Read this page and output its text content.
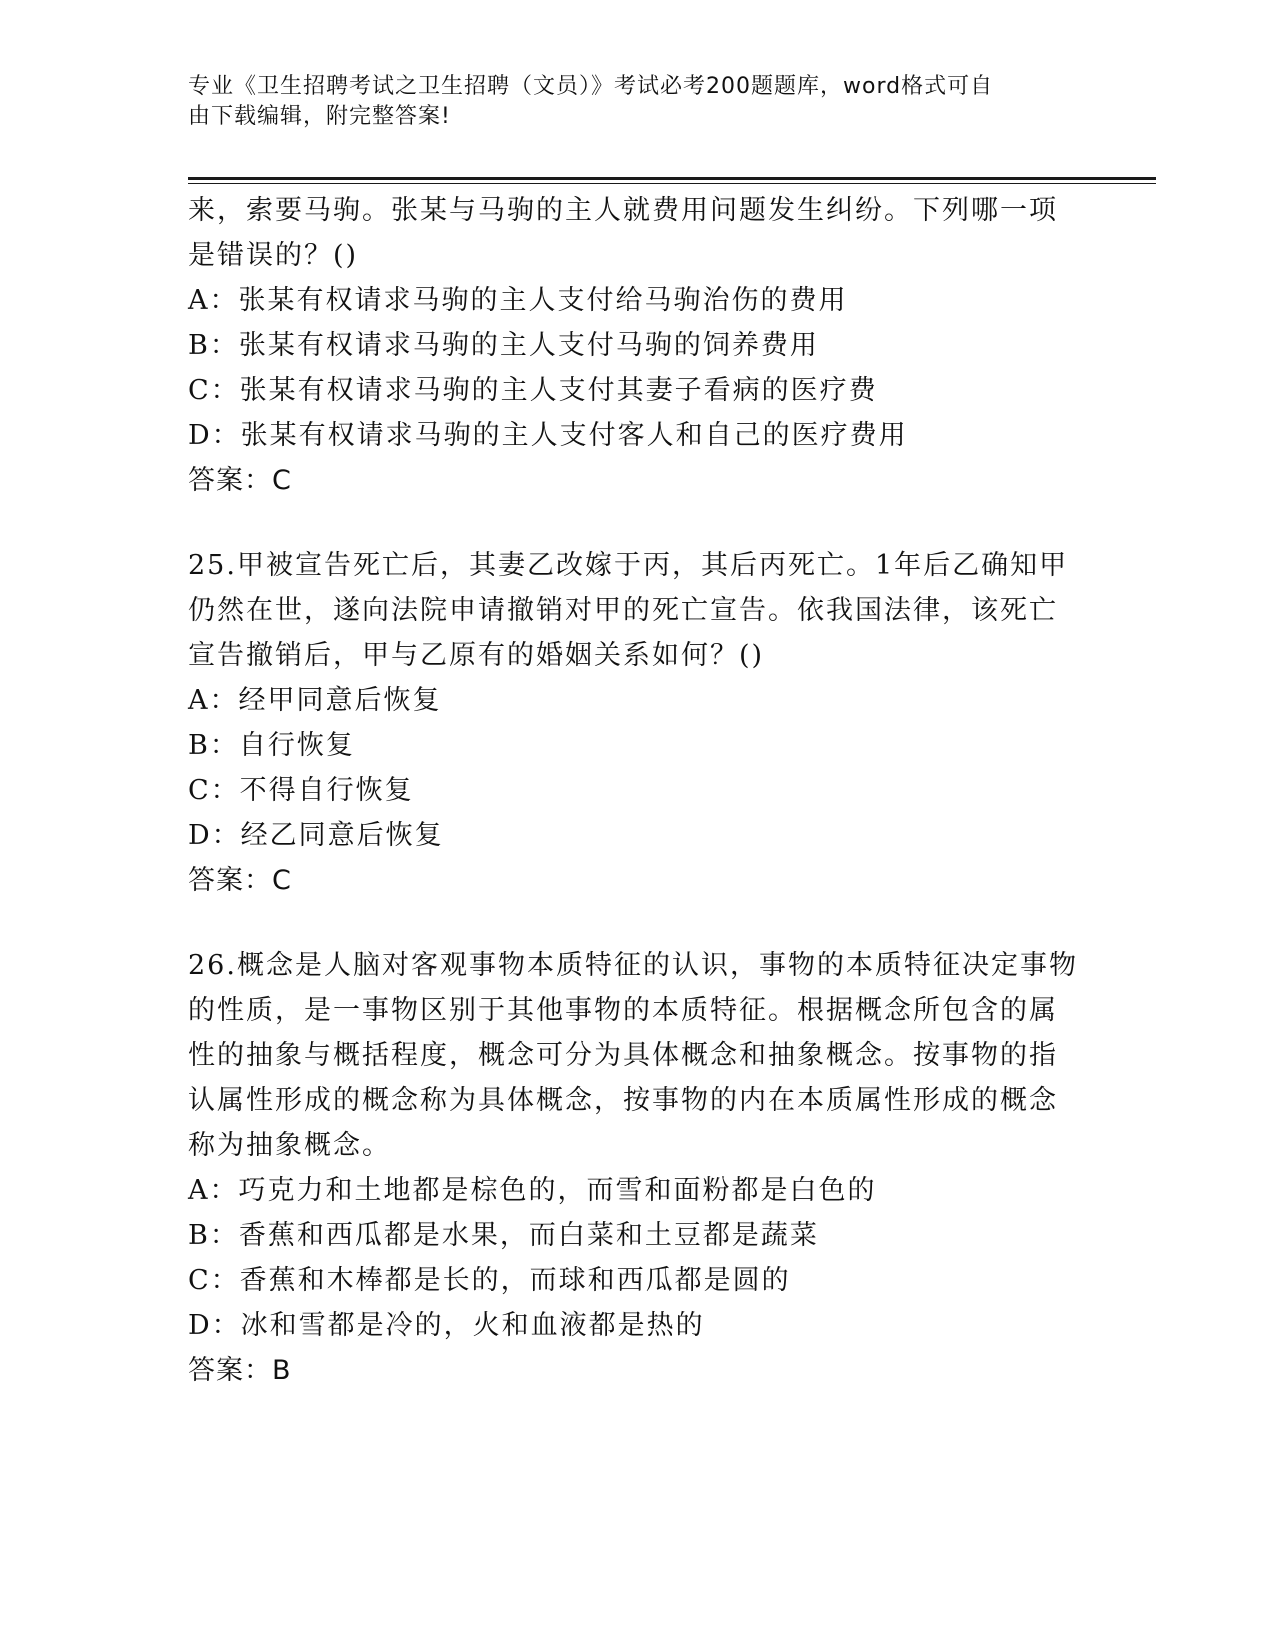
专业《卫生招聘考试之卫生招聘（文员）》考试必考200题题库，word格式可自
由下载编辑，附完整答案!
来，索要马驹。张某与马驹的主人就费用问题发生纠纷。下列哪一项
是错误的？()
A：张某有权请求马驹的主人支付给马驹治伤的费用
B：张某有权请求马驹的主人支付马驹的饲养费用
C：张某有权请求马驹的主人支付其妻子看病的医疗费
D：张某有权请求马驹的主人支付客人和自己的医疗费用
答案：C
25.甲被宣告死亡后，其妻乙改嫁于丙，其后丙死亡。1年后乙确知甲
仍然在世，遂向法院申请撤销对甲的死亡宣告。依我国法律，该死亡
宣告撤销后，甲与乙原有的婚姻关系如何？()
A：经甲同意后恢复
B：自行恢复
C：不得自行恢复
D：经乙同意后恢复
答案：C
26.概念是人脑对客观事物本质特征的认识，事物的本质特征决定事物
的性质，是一事物区别于其他事物的本质特征。根据概念所包含的属
性的抽象与概括程度，概念可分为具体概念和抽象概念。按事物的指
认属性形成的概念称为具体概念，按事物的内在本质属性形成的概念
称为抽象概念。
A：巧克力和土地都是棕色的，而雪和面粉都是白色的
B：香蕉和西瓜都是水果，而白菜和土豆都是蔬菜
C：香蕉和木棒都是长的，而球和西瓜都是圆的
D：冰和雪都是冷的，火和血液都是热的
答案：B
